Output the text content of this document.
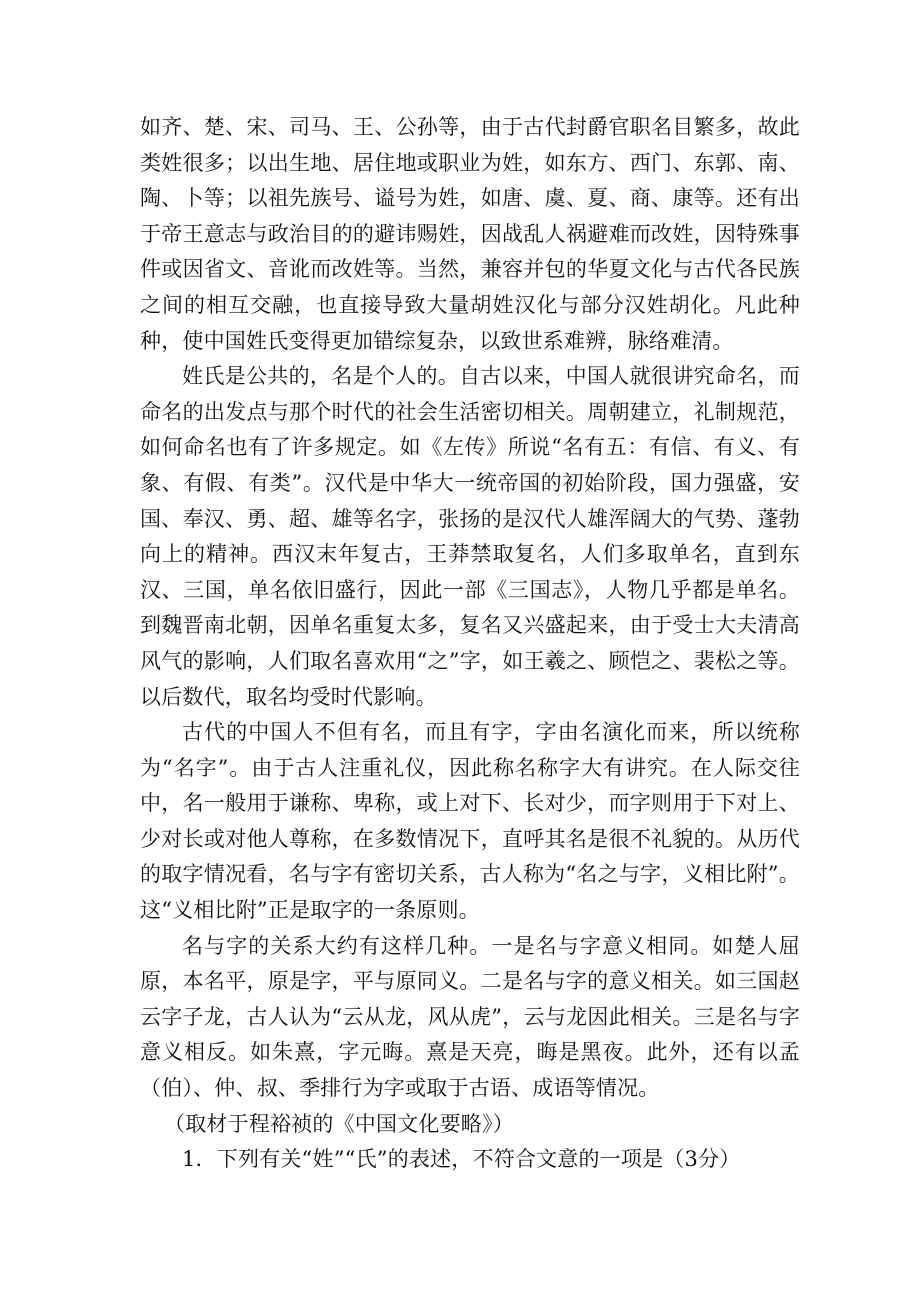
如齐、楚、宋、司马、王、公孙等，由于古代封爵官职名目繁多，故此类姓很多；以出生地、居住地或职业为姓，如东方、西门、东郭、南、陶、卜等；以祖先族号、谥号为姓，如唐、虞、夏、商、康等。还有出于帝王意志与政治目的的避讳赐姓，因战乱人祸避难而改姓，因特殊事件或因省文、音讹而改姓等。当然，兼容并包的华夏文化与古代各民族之间的相互交融，也直接导致大量胡姓汉化与部分汉姓胡化。凡此种种，使中国姓氏变得更加错综复杂，以致世系难辨，脉络难清。

姓氏是公共的，名是个人的。自古以来，中国人就很讲究命名，而命名的出发点与那个时代的社会生活密切相关。周朝建立，礼制规范，如何命名也有了许多规定。如《左传》所说“名有五：有信、有义、有象、有假、有类”。汉代是中华大一统帝国的初始阶段，国力强盛，安国、奉汉、勇、超、雄等名字，张扬的是汉代人雄浑阔大的气势、蓬勃向上的精神。西汉末年复古，王莽禁取复名，人们多取单名，直到东汉、三国，单名依旧盛行，因此一部《三国志》，人物几乎都是单名。到魏晋南北朝，因单名重复太多，复名又兴盛起来，由于受士大夫清高风气的影响，人们取名喜欢用“之”字，如王羲之、顾恺之、裴松之等。以后数代，取名均受时代影响。

古代的中国人不但有名，而且有字，字由名演化而来，所以统称为“名字”。由于古人注重礼仪，因此称名称字大有讲究。在人际交往中，名一般用于谦称、卑称，或上对下、长对少，而字则用于下对上、少对长或对他人尊称，在多数情况下，直呼其名是很不礼貌的。从历代的取字情况看，名与字有密切关系，古人称为“名之与字，义相比附”。这“义相比附”正是取字的一条原则。

名与字的关系大约有这样几种。一是名与字意义相同。如楚人屈原，本名平，原是字，平与原同义。二是名与字的意义相关。如三国赵云字子龙，古人认为“云从龙，风从虎”，云与龙因此相关。三是名与字意义相反。如朱熹，字元晦。熹是天亮，晦是黑夜。此外，还有以孟（伯）、仲、叔、季排行为字或取于古语、成语等情况。

（取材于程裕祯的《中国文化要略》）

1．下列有关“姓”“氏”的表述，不符合文意的一项是（3分）
